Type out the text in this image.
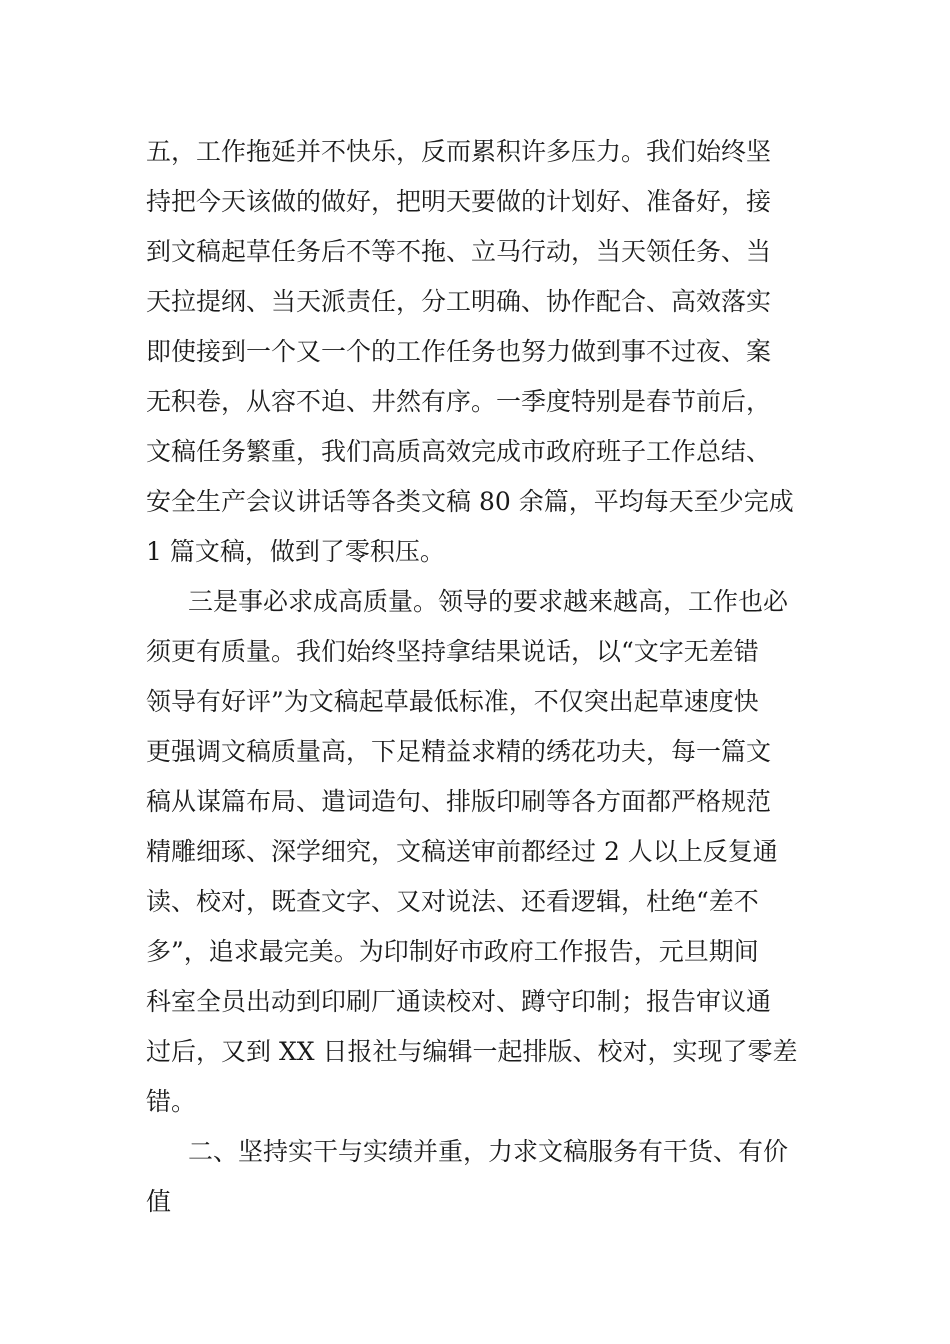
五，工作拖延并不快乐，反而累积许多压力。我们始终坚
持把今天该做的做好，把明天要做的计划好、准备好，接
到文稿起草任务后不等不拖、立马行动，当天领任务、当
天拉提纲、当天派责任，分工明确、协作配合、高效落实
即使接到一个又一个的工作任务也努力做到事不过夜、案
无积卷，从容不迫、井然有序。一季度特别是春节前后，
文稿任务繁重，我们高质高效完成市政府班子工作总结、
安全生产会议讲话等各类文稿 80 余篇，平均每天至少完成
1 篇文稿，做到了零积压。
三是事必求成高质量。领导的要求越来越高，工作也必
须更有质量。我们始终坚持拿结果说话，以“文字无差错
领导有好评”为文稿起草最低标准，不仅突出起草速度快
更强调文稿质量高，下足精益求精的绣花功夫，每一篇文
稿从谋篇布局、遣词造句、排版印刷等各方面都严格规范
精雕细琢、深学细究，文稿送审前都经过 2 人以上反复通
读、校对，既查文字、又对说法、还看逻辑，杜绝“差不
多”，追求最完美。为印制好市政府工作报告，元旦期间
科室全员出动到印刷厂通读校对、蹲守印制；报告审议通
过后，又到 XX 日报社与编辑一起排版、校对，实现了零差
错。
二、坚持实干与实绩并重，力求文稿服务有干货、有价
值
